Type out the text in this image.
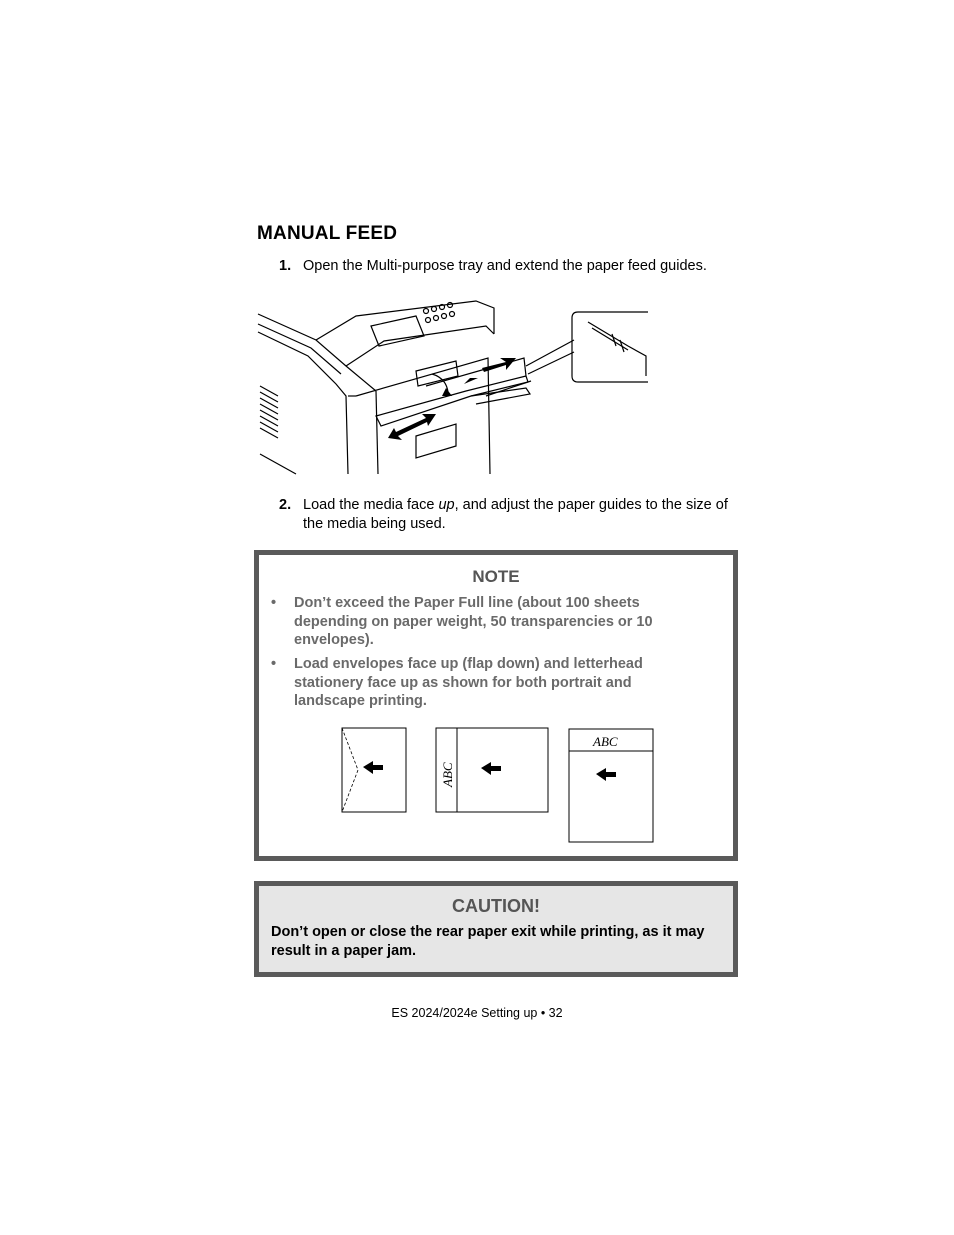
MANUAL FEED
1. Open the Multi-purpose tray and extend the paper feed guides.
2. Load the media face up, and adjust the paper guides to the size of the media being used.
NOTE
• Don’t exceed the Paper Full line (about 100 sheets depending on paper weight, 50 transparencies or 10 envelopes).
• Load envelopes face up (flap down) and letterhead stationery face up as shown for both portrait and landscape printing.
ABC
ABC
CAUTION!
Don’t open or close the rear paper exit while printing, as it may result in a paper jam.
ES 2024/2024e Setting up • 32
